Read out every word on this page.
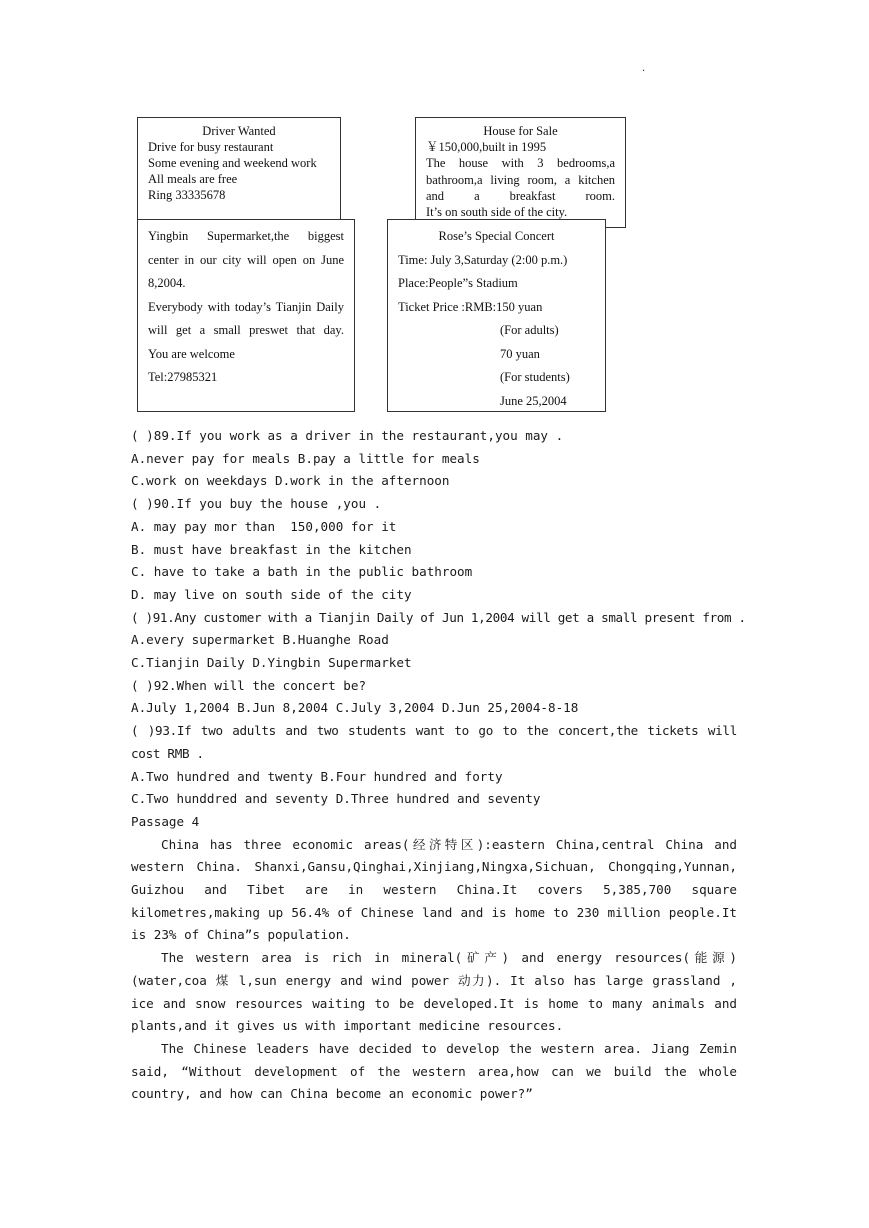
·
Driver Wanted
Drive for busy restaurant
Some evening and weekend work
All meals are free
Ring 33335678
House for Sale
￥150,000,built in 1995
The house with 3 bedrooms,a bathroom,a living room, a kitchen and a breakfast room.
It’s on south side of the city.
Yingbin Supermarket,the biggest center in our city will open on June 8,2004.
Everybody with today’s Tianjin Daily will get a small preswet that day.
You are welcome
Tel:27985321
Rose’s Special Concert
Time: July 3,Saturday (2:00 p.m.)
Place:People”s Stadium
Ticket Price :RMB:150 yuan
(For adults)
70 yuan
(For students)
June 25,2004
( )89.If you work as a driver in the restaurant,you may .
A.never pay for meals B.pay a little for meals
C.work on weekdays D.work in the afternoon
( )90.If you buy the house ,you .
A. may pay mor than  150,000 for it
B. must have breakfast in the kitchen
C. have to take a bath in the public bathroom
D. may live on south side of the city
( )91.Any customer with a Tianjin Daily of Jun 1,2004 will get a small present from .
A.every supermarket B.Huanghe Road
C.Tianjin Daily D.Yingbin Supermarket
( )92.When will the concert be?
A.July 1,2004 B.Jun 8,2004 C.July 3,2004 D.Jun 25,2004-8-18
( )93.If two adults and two students want to go to the concert,the tickets will cost RMB .
A.Two hundred and twenty B.Four hundred and forty
C.Two hunddred and seventy D.Three hundred and seventy
Passage 4
China has three economic areas(经济特区):eastern China,central China and western China. Shanxi,Gansu,Qinghai,Xinjiang,Ningxa,Sichuan, Chongqing,Yunnan, Guizhou and Tibet are in western China.It covers 5,385,700 square kilometres,making up 56.4% of Chinese land and is home to 230 million people.It is 23% of China”s population.
The western area is rich in mineral(矿产) and energy resources(能源) (water,coa 煤 l,sun energy and wind power 动力). It also has large grassland , ice and snow resources waiting to be developed.It is home to many animals and plants,and it gives us with important medicine resources.
The Chinese leaders have decided to develop the western area. Jiang Zemin said, “Without development of the western area,how can we build the whole country, and how can China become an economic power?”
